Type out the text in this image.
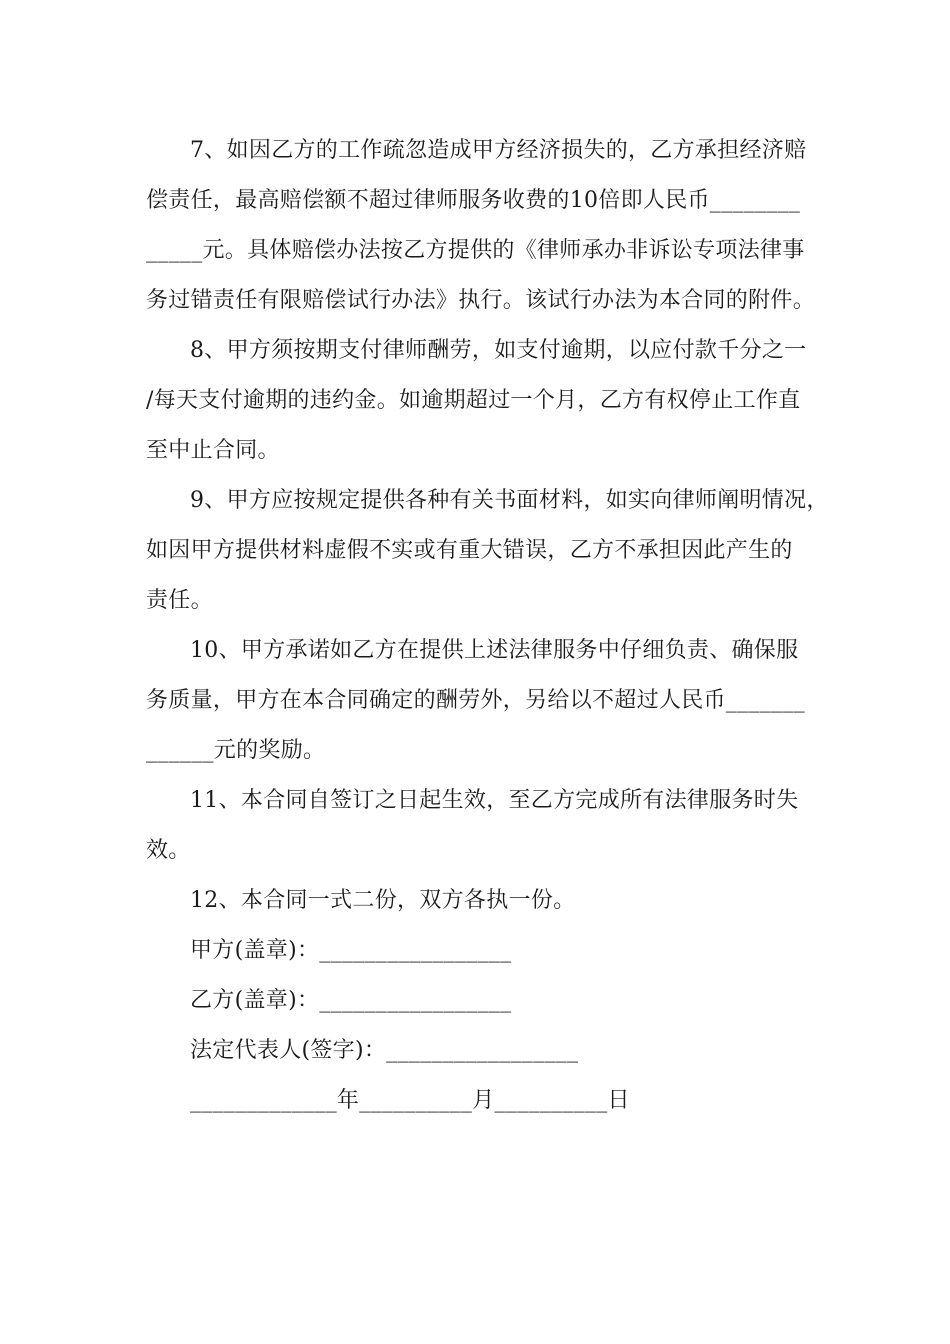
7、如因乙方的工作疏忽造成甲方经济损失的，乙方承担经济赔
偿责任，最高赔偿额不超过律师服务收费的10倍即人民币________
_____元。具体赔偿办法按乙方提供的《律师承办非诉讼专项法律事
务过错责任有限赔偿试行办法》执行。该试行办法为本合同的附件。
8、甲方须按期支付律师酬劳，如支付逾期，以应付款千分之一
/每天支付逾期的违约金。如逾期超过一个月，乙方有权停止工作直
至中止合同。
9、甲方应按规定提供各种有关书面材料，如实向律师阐明情况，
如因甲方提供材料虚假不实或有重大错误，乙方不承担因此产生的
责任。
10、甲方承诺如乙方在提供上述法律服务中仔细负责、确保服
务质量，甲方在本合同确定的酬劳外，另给以不超过人民币_______
______元的奖励。
11、本合同自签订之日起生效，至乙方完成所有法律服务时失
效。
12、本合同一式二份，双方各执一份。
甲方(盖章)：_________________
乙方(盖章)：_________________
法定代表人(签字)：_________________
_____________年__________月__________日
